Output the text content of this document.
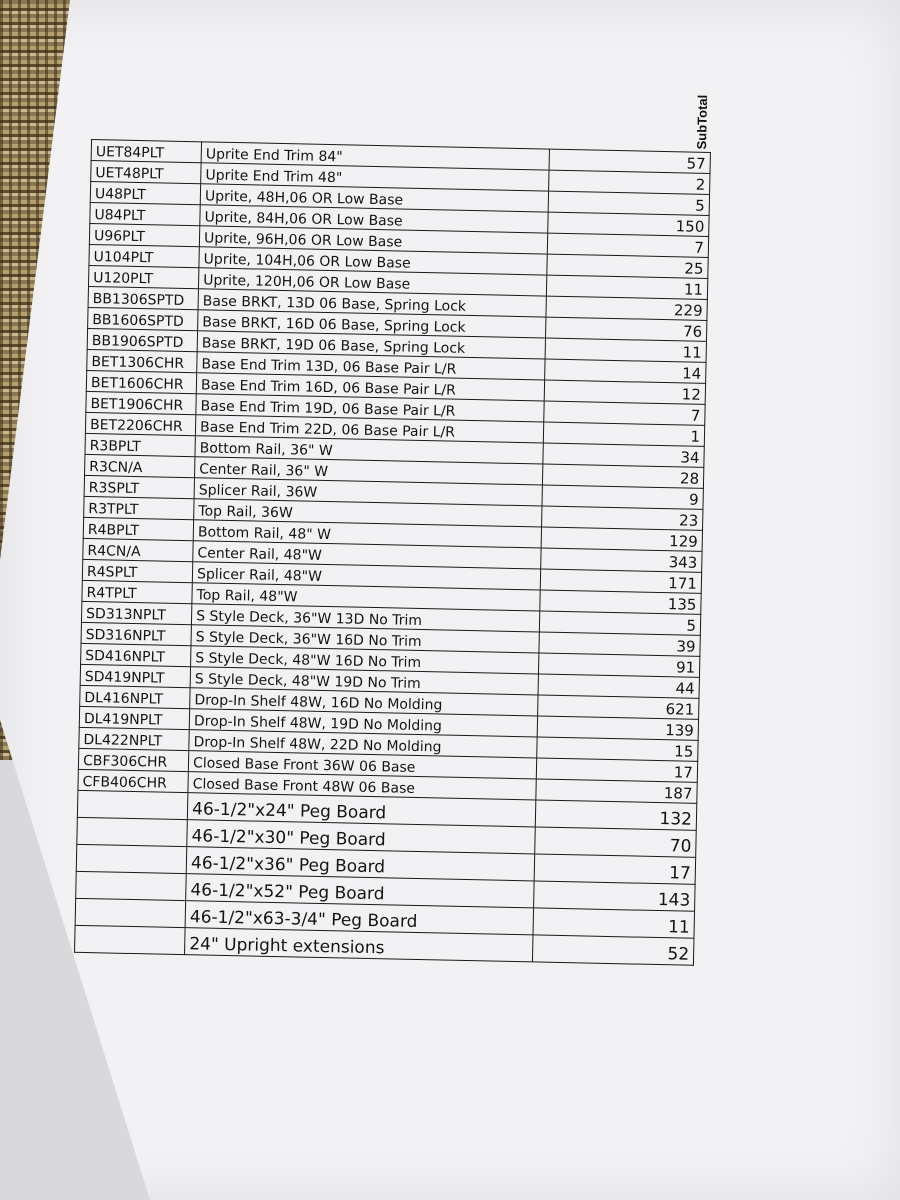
SubTotal
UET84PLT	Uprite End Trim 84"	57
UET48PLT	Uprite End Trim 48"	2
U48PLT	Uprite, 48H,06 OR Low Base	5
U84PLT	Uprite, 84H,06 OR Low Base	150
U96PLT	Uprite, 96H,06 OR Low Base	7
U104PLT	Uprite, 104H,06 OR Low Base	25
U120PLT	Uprite, 120H,06 OR Low Base	11
BB1306SPTD	Base BRKT, 13D 06 Base, Spring Lock	229
BB1606SPTD	Base BRKT, 16D 06 Base, Spring Lock	76
BB1906SPTD	Base BRKT, 19D 06 Base, Spring Lock	11
BET1306CHR	Base End Trim 13D, 06 Base Pair L/R	14
BET1606CHR	Base End Trim 16D, 06 Base Pair L/R	12
BET1906CHR	Base End Trim 19D, 06 Base Pair L/R	7
BET2206CHR	Base End Trim 22D, 06 Base Pair L/R	1
R3BPLT	Bottom Rail, 36" W	34
R3CN/A	Center Rail, 36" W	28
R3SPLT	Splicer Rail, 36W	9
R3TPLT	Top Rail, 36W	23
R4BPLT	Bottom Rail, 48" W	129
R4CN/A	Center Rail, 48"W	343
R4SPLT	Splicer Rail, 48"W	171
R4TPLT	Top Rail, 48"W	135
SD313NPLT	S Style Deck, 36"W 13D No Trim	5
SD316NPLT	S Style Deck, 36"W 16D No Trim	39
SD416NPLT	S Style Deck, 48"W 16D No Trim	91
SD419NPLT	S Style Deck, 48"W 19D No Trim	44
DL416NPLT	Drop-In Shelf 48W, 16D No Molding	621
DL419NPLT	Drop-In Shelf 48W, 19D No Molding	139
DL422NPLT	Drop-In Shelf 48W, 22D No Molding	15
CBF306CHR	Closed Base Front 36W 06 Base	17
CFB406CHR	Closed Base Front 48W 06 Base	187
	46-1/2"x24" Peg Board	132
	46-1/2"x30" Peg Board	70
	46-1/2"x36" Peg Board	17
	46-1/2"x52" Peg Board	143
	46-1/2"x63-3/4" Peg Board	11
	24" Upright extensions	52
